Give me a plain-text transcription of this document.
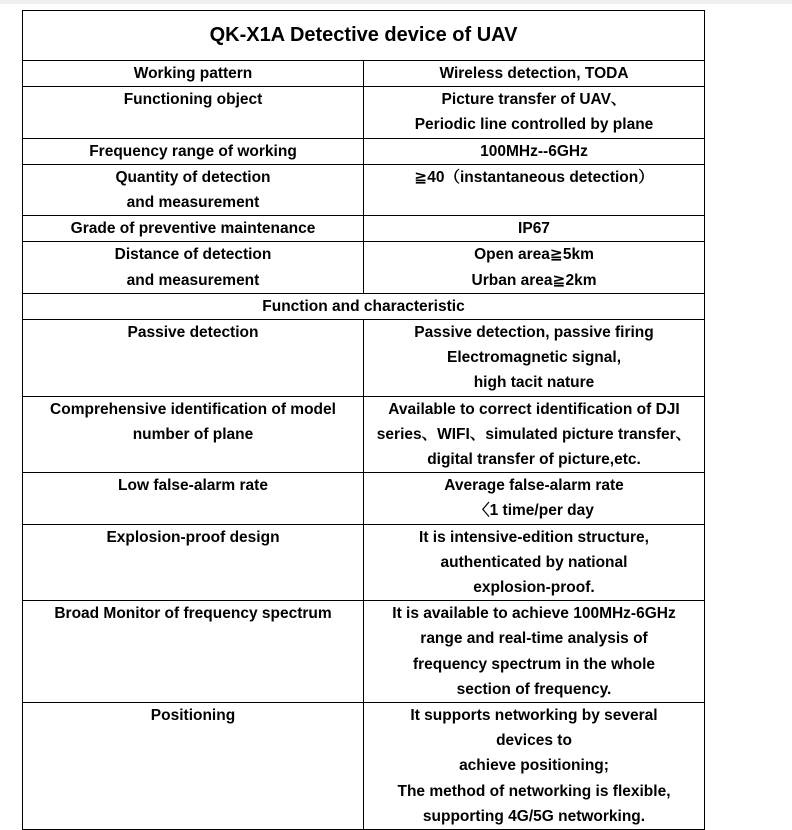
QK-X1A Detective device of UAV	

Working pattern	Wireless detection, TODA

Functioning object	Picture transfer of UAV、
Periodic line controlled by plane

Frequency range of working	100MHz--6GHz

Quantity of detection
and measurement	≧40（instantaneous detection）

Grade of preventive maintenance	IP67

Distance of detection
and measurement	Open area≧5km
Urban area≧2km

Function and characteristic	

Passive detection	Passive detection, passive firing
Electromagnetic signal,
high tacit nature

Comprehensive identification of model
number of plane	Available to correct identification of DJI
series、WIFI、simulated picture transfer、
digital transfer of picture,etc.

Low false-alarm rate	Average false-alarm rate
〈1 time/per day

Explosion-proof design	It is intensive-edition structure,
authenticated by national
explosion-proof.

Broad Monitor of frequency spectrum	It is available to achieve 100MHz-6GHz
range and real-time analysis of
frequency spectrum in the whole
section of frequency.

Positioning	It supports networking by several
devices to
achieve positioning;
The method of networking is flexible,
supporting 4G/5G networking.
